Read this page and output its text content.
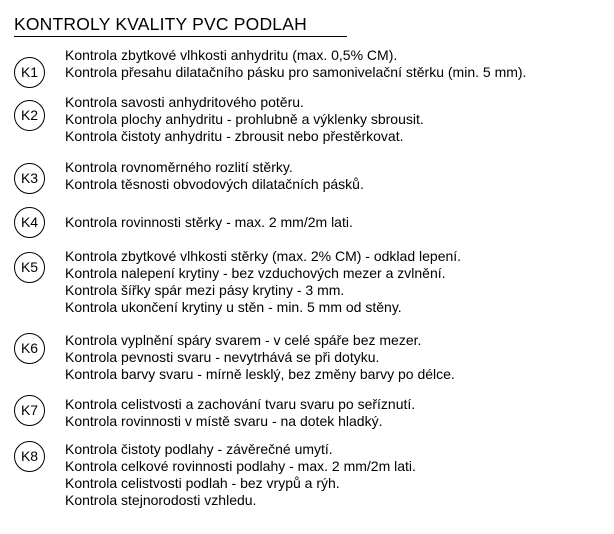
KONTROLY KVALITY PVC PODLAH
K1
Kontrola zbytkové vlhkosti anhydritu (max. 0,5% CM).
Kontrola přesahu dilatačního pásku pro samonivelační stěrku (min. 5 mm).
K2
Kontrola savosti anhydritového potěru.
Kontrola plochy anhydritu - prohlubně a výklenky sbrousit.
Kontrola čistoty anhydritu - zbrousit nebo přestěrkovat.
K3
Kontrola rovnoměrného rozlití stěrky.
Kontrola těsnosti obvodových dilatačních pásků.
K4	Kontrola rovinnosti stěrky - max. 2 mm/2m lati.
K5
Kontrola zbytkové vlhkosti stěrky (max. 2% CM) - odklad lepení.
Kontrola nalepení krytiny - bez vzduchových mezer a zvlnění.
Kontrola šířky spár mezi pásy krytiny - 3 mm.
Kontrola ukončení krytiny u stěn - min. 5 mm od stěny.
K6	Kontrola vyplnění spáry svarem - v celé spáře bez mezer.
Kontrola pevnosti svaru - nevytrhává se při dotyku.
Kontrola barvy svaru - mírně lesklý, bez změny barvy po délce.
K7	Kontrola celistvosti a zachování tvaru svaru po seříznutí.
Kontrola rovinnosti v místě svaru - na dotek hladký.
K8	Kontrola čistoty podlahy - závěrečné umytí.
Kontrola celkové rovinnosti podlahy - max. 2 mm/2m lati.
Kontrola celistvosti podlah - bez vrypů a rýh.
Kontrola stejnorodosti vzhledu.
